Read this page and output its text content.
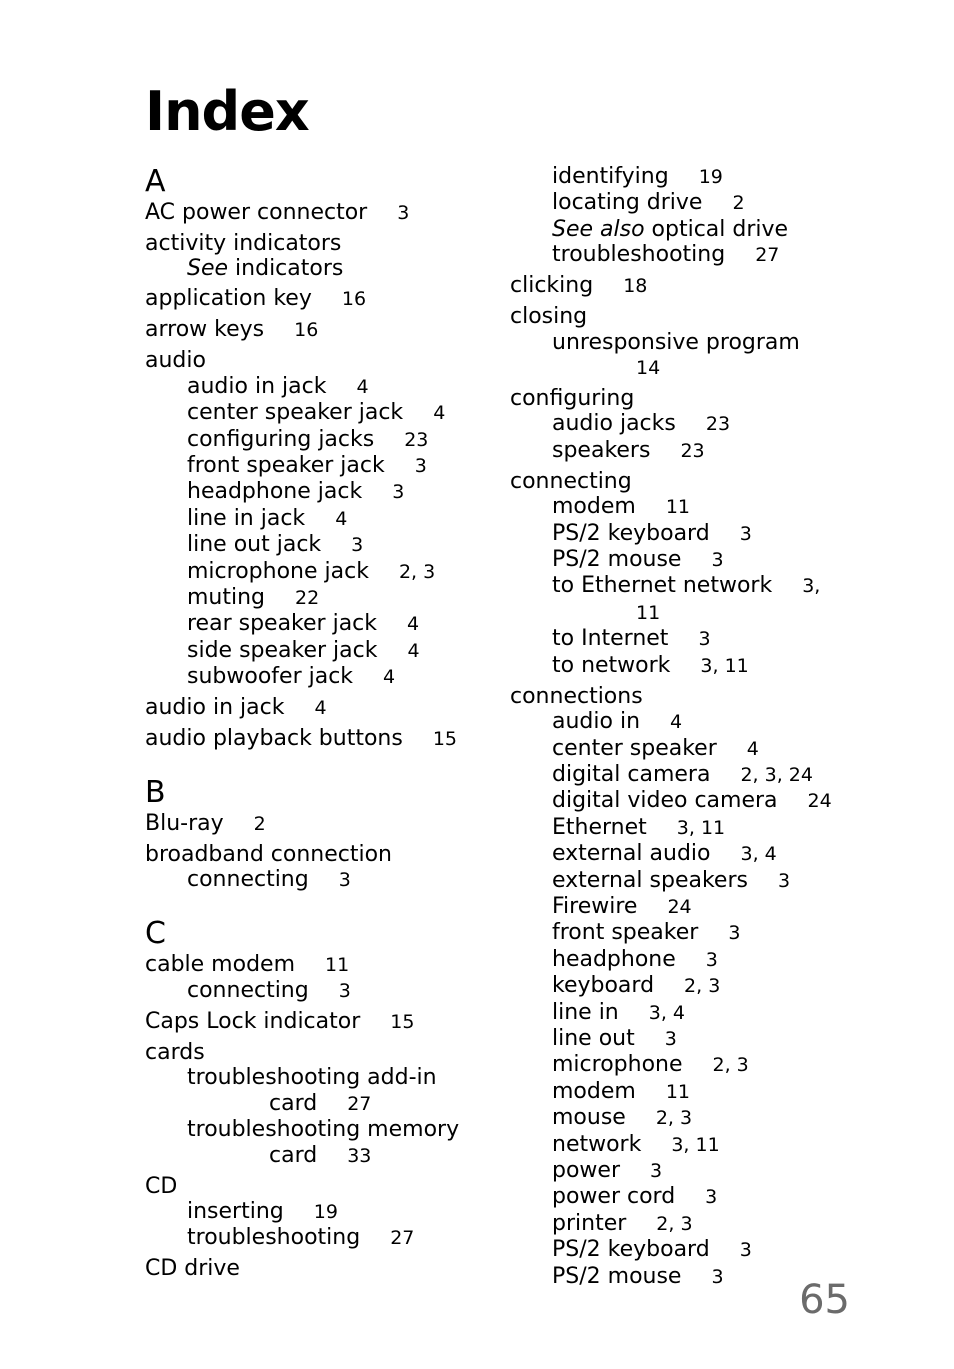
Index
A
AC power connector 3
activity indicators
See indicators
application key 16
arrow keys 16
audio
audio in jack 4
center speaker jack 4
configuring jacks 23
front speaker jack 3
headphone jack 3
line in jack 4
line out jack 3
microphone jack 2, 3
muting 22
rear speaker jack 4
side speaker jack 4
subwoofer jack 4
audio in jack 4
audio playback buttons 15
B
Blu-ray 2
broadband connection
connecting 3
C
cable modem 11
connecting 3
Caps Lock indicator 15
cards
troubleshooting add-in
card 27
troubleshooting memory
card 33
CD
inserting 19
troubleshooting 27
CD drive
identifying 19
locating drive 2
See also optical drive
troubleshooting 27
clicking 18
closing
unresponsive program
14
configuring
audio jacks 23
speakers 23
connecting
modem 11
PS/2 keyboard 3
PS/2 mouse 3
to Ethernet network 3,
11
to Internet 3
to network 3, 11
connections
audio in 4
center speaker 4
digital camera 2, 3, 24
digital video camera 24
Ethernet 3, 11
external audio 3, 4
external speakers 3
Firewire 24
front speaker 3
headphone 3
keyboard 2, 3
line in 3, 4
line out 3
microphone 2, 3
modem 11
mouse 2, 3
network 3, 11
power 3
power cord 3
printer 2, 3
PS/2 keyboard 3
PS/2 mouse 3
65
